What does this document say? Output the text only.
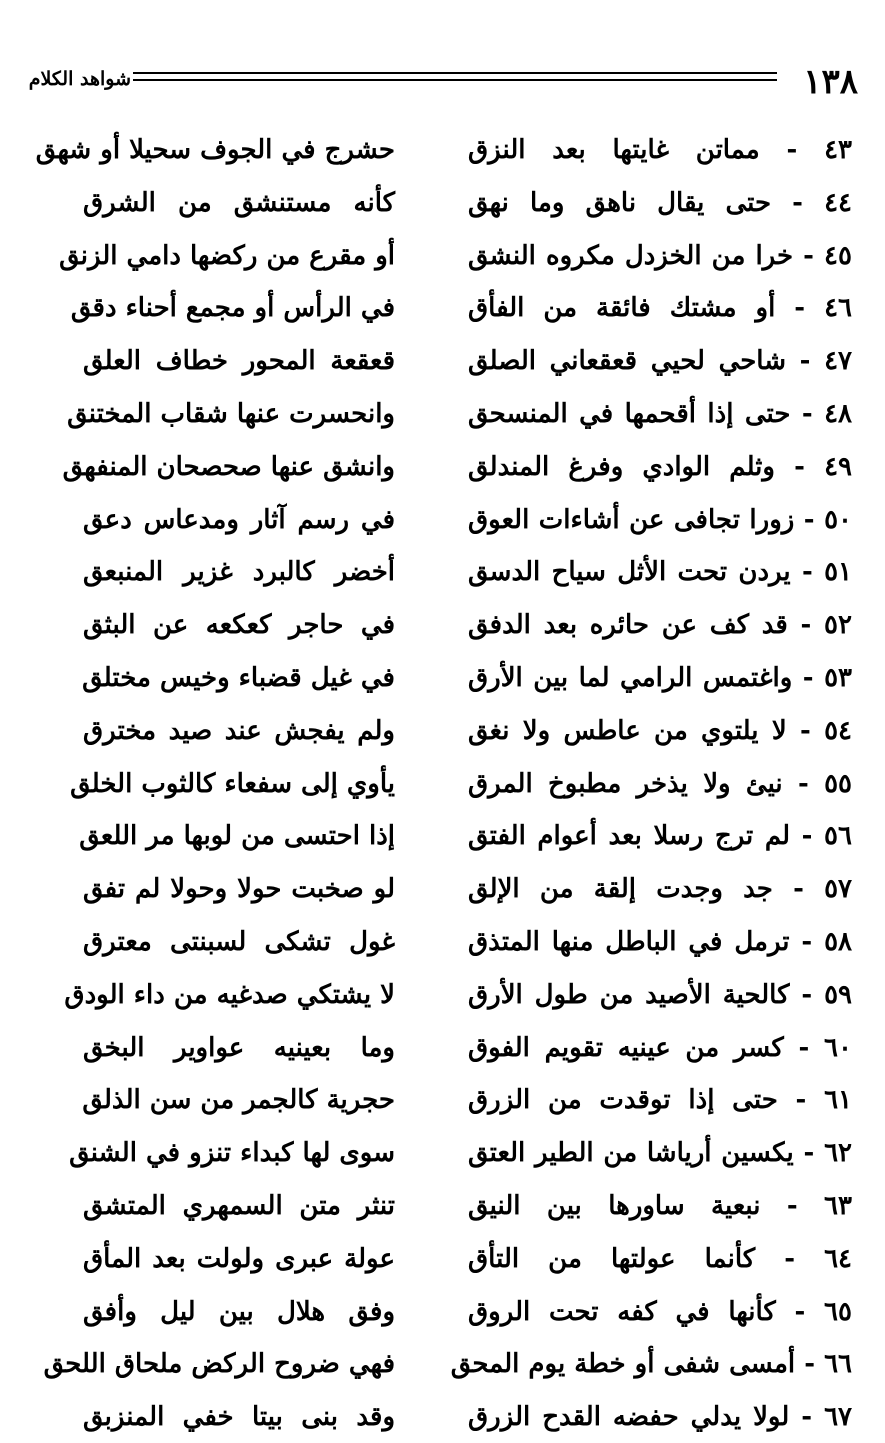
١٣٨
شواهد الكلام
٤٣ - مماتن غايتها بعد النزق
حشرج في الجوف سحيلا أو شهق
٤٤ - حتى يقال ناهق وما نهق
كأنه مستنشق من الشرق
٤٥ - خرا من الخزدل مكروه النشق
أو مقرع من ركضها دامي الزنق
٤٦ - أو مشتك فائقة من الفأق
في الرأس أو مجمع أحناء دقق
٤٧ - شاحي لحيي قعقعاني الصلق
قعقعة المحور خطاف العلق
٤٨ - حتى إذا أقحمها في المنسحق
وانحسرت عنها شقاب المختنق
٤٩ - وثلم الوادي وفرغ المندلق
وانشق عنها صحصحان المنفهق
٥٠ - زورا تجافى عن أشاءات العوق
في رسم آثار ومدعاس دعق
٥١ - يردن تحت الأثل سياح الدسق
أخضر كالبرد غزير المنبعق
٥٢ - قد كف عن حائره بعد الدفق
في حاجر كعكعه عن البثق
٥٣ - واغتمس الرامي لما بين الأرق
في غيل قضباء وخيس مختلق
٥٤ - لا يلتوي من عاطس ولا نغق
ولم يفجش عند صيد مخترق
٥٥ - نيئ ولا يذخر مطبوخ المرق
يأوي إلى سفعاء كالثوب الخلق
٥٦ - لم ترج رسلا بعد أعوام الفتق
إذا احتسى من لوبها مر اللعق
٥٧ - جد وجدت إلقة من الإلق
لو صخبت حولا وحولا لم تفق
٥٨ - ترمل في الباطل منها المتذق
غول تشكى لسبنتى معترق
٥٩ - كالحية الأصيد من طول الأرق
لا يشتكي صدغيه من داء الودق
٦٠ - كسر من عينيه تقويم الفوق
وما بعينيه عواوير البخق
٦١ - حتى إذا توقدت من الزرق
حجرية كالجمر من سن الذلق
٦٢ - يكسين أرياشا من الطير العتق
سوى لها كبداء تنزو في الشنق
٦٣ - نبعية ساورها بين النيق
تنثر متن السمهري المتشق
٦٤ - كأنما عولتها من التأق
عولة عبرى ولولت بعد المأق
٦٥ - كأنها في كفه تحت الروق
وفق هلال بين ليل وأفق
٦٦ - أمسى شفى أو خطة يوم المحق
فهي ضروح الركض ملحاق اللحق
٦٧ - لولا يدلي حفضه القدح الزرق
وقد بنى بيتا خفي المنزبق
